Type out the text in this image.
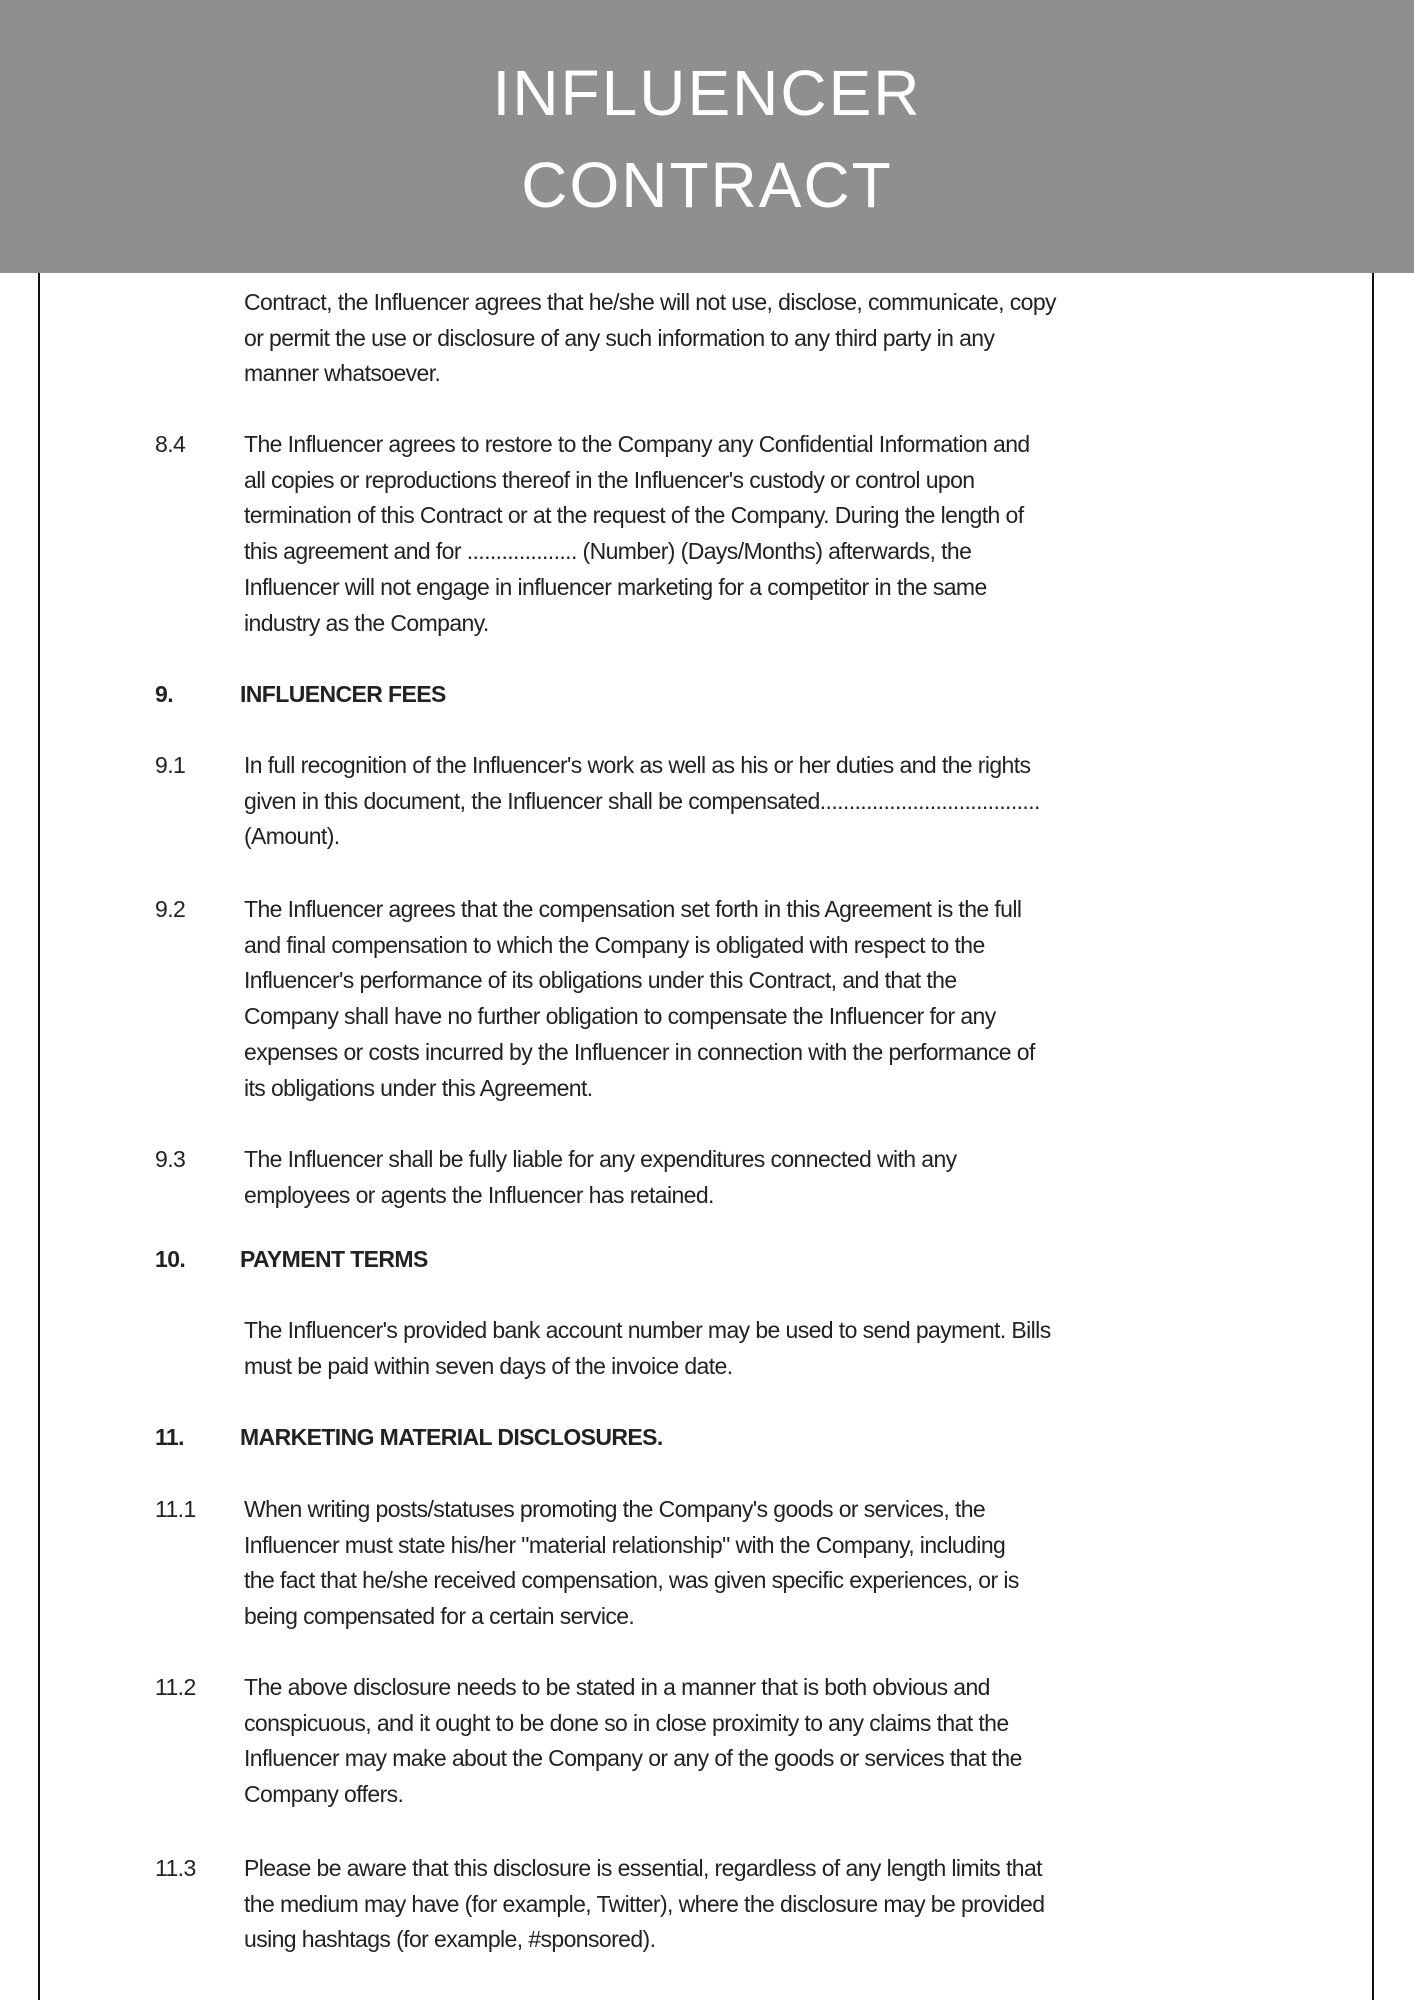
INFLUENCER
CONTRACT
Contract, the Influencer agrees that he/she will not use, disclose, communicate, copy
or permit the use or disclosure of any such information to any third party in any
manner whatsoever.
8.4	The Influencer agrees to restore to the Company any Confidential Information and
all copies or reproductions thereof in the Influencer's custody or control upon
termination of this Contract or at the request of the Company. During the length of
this agreement and for ................... (Number) (Days/Months) afterwards, the
Influencer will not engage in influencer marketing for a competitor in the same
industry as the Company.
9.	INFLUENCER FEES
9.1	In full recognition of the Influencer's work as well as his or her duties and the rights
given in this document, the Influencer shall be compensated......................................
(Amount).
9.2	The Influencer agrees that the compensation set forth in this Agreement is the full
and final compensation to which the Company is obligated with respect to the
Influencer's performance of its obligations under this Contract, and that the
Company shall have no further obligation to compensate the Influencer for any
expenses or costs incurred by the Influencer in connection with the performance of
its obligations under this Agreement.
9.3	The Influencer shall be fully liable for any expenditures connected with any
employees or agents the Influencer has retained.
10. PAYMENT TERMS
The Influencer's provided bank account number may be used to send payment. Bills
must be paid within seven days of the invoice date.
11. MARKETING MATERIAL DISCLOSURES.
11.1 When writing posts/statuses promoting the Company's goods or services, the
Influencer must state his/her "material relationship" with the Company, including
the fact that he/she received compensation, was given specific experiences, or is
being compensated for a certain service.
11.2 The above disclosure needs to be stated in a manner that is both obvious and
conspicuous, and it ought to be done so in close proximity to any claims that the
Influencer may make about the Company or any of the goods or services that the
Company offers.
11.3 Please be aware that this disclosure is essential, regardless of any length limits that
the medium may have (for example, Twitter), where the disclosure may be provided
using hashtags (for example, #sponsored).
